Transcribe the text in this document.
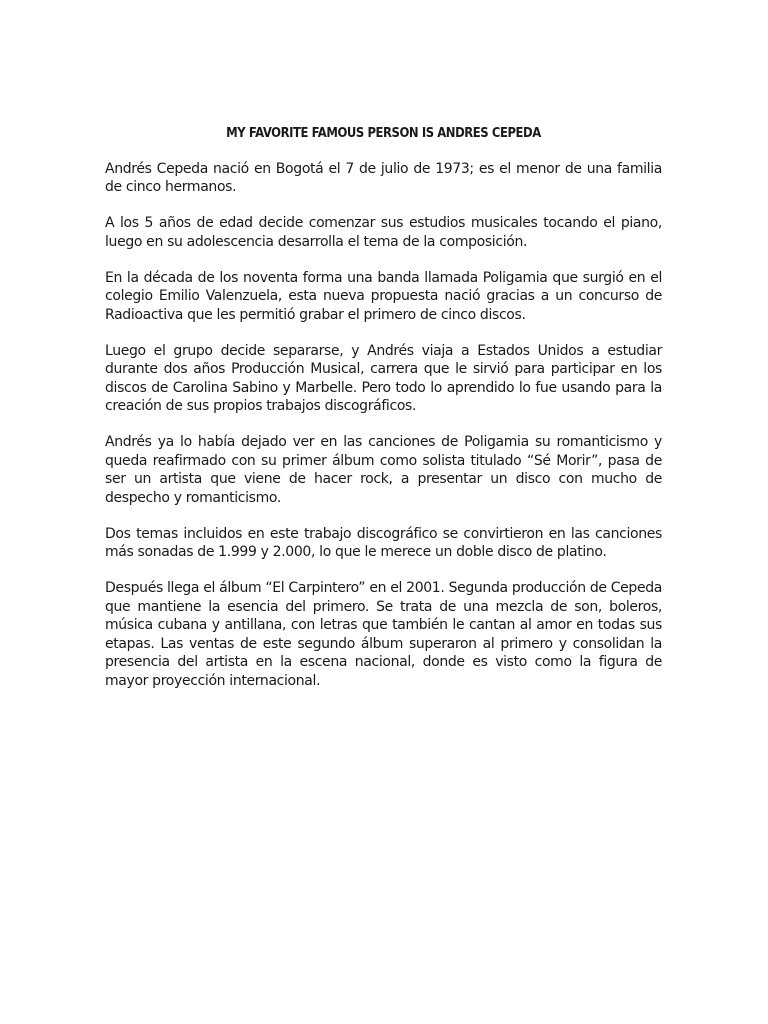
MY FAVORITE FAMOUS PERSON IS ANDRES CEPEDA

Andrés Cepeda nació en Bogotá el 7 de julio de 1973; es el menor de una familia de cinco hermanos.

A los 5 años de edad decide comenzar sus estudios musicales tocando el piano, luego en su adolescencia desarrolla el tema de la composición.

En la década de los noventa forma una banda llamada Poligamia que surgió en el colegio Emilio Valenzuela, esta nueva propuesta nació gracias a un concurso de Radioactiva que les permitió grabar el primero de cinco discos.

Luego el grupo decide separarse, y Andrés viaja a Estados Unidos a estudiar durante dos años Producción Musical, carrera que le sirvió para participar en los discos de Carolina Sabino y Marbelle. Pero todo lo aprendido lo fue usando para la creación de sus propios trabajos discográficos.

Andrés ya lo había dejado ver en las canciones de Poligamia su romanticismo y queda reafirmado con su primer álbum como solista titulado “Sé Morir”, pasa de ser un artista que viene de hacer rock, a presentar un disco con mucho de despecho y romanticismo.

Dos temas incluidos en este trabajo discográfico se convirtieron en las canciones más sonadas de 1.999 y 2.000, lo que le merece un doble disco de platino.

Después llega el álbum “El Carpintero” en el 2001. Segunda producción de Cepeda que mantiene la esencia del primero. Se trata de una mezcla de son, boleros, música cubana y antillana, con letras que también le cantan al amor en todas sus etapas. Las ventas de este segundo álbum superaron al primero y consolidan la presencia del artista en la escena nacional, donde es visto como la figura de mayor proyección internacional.
